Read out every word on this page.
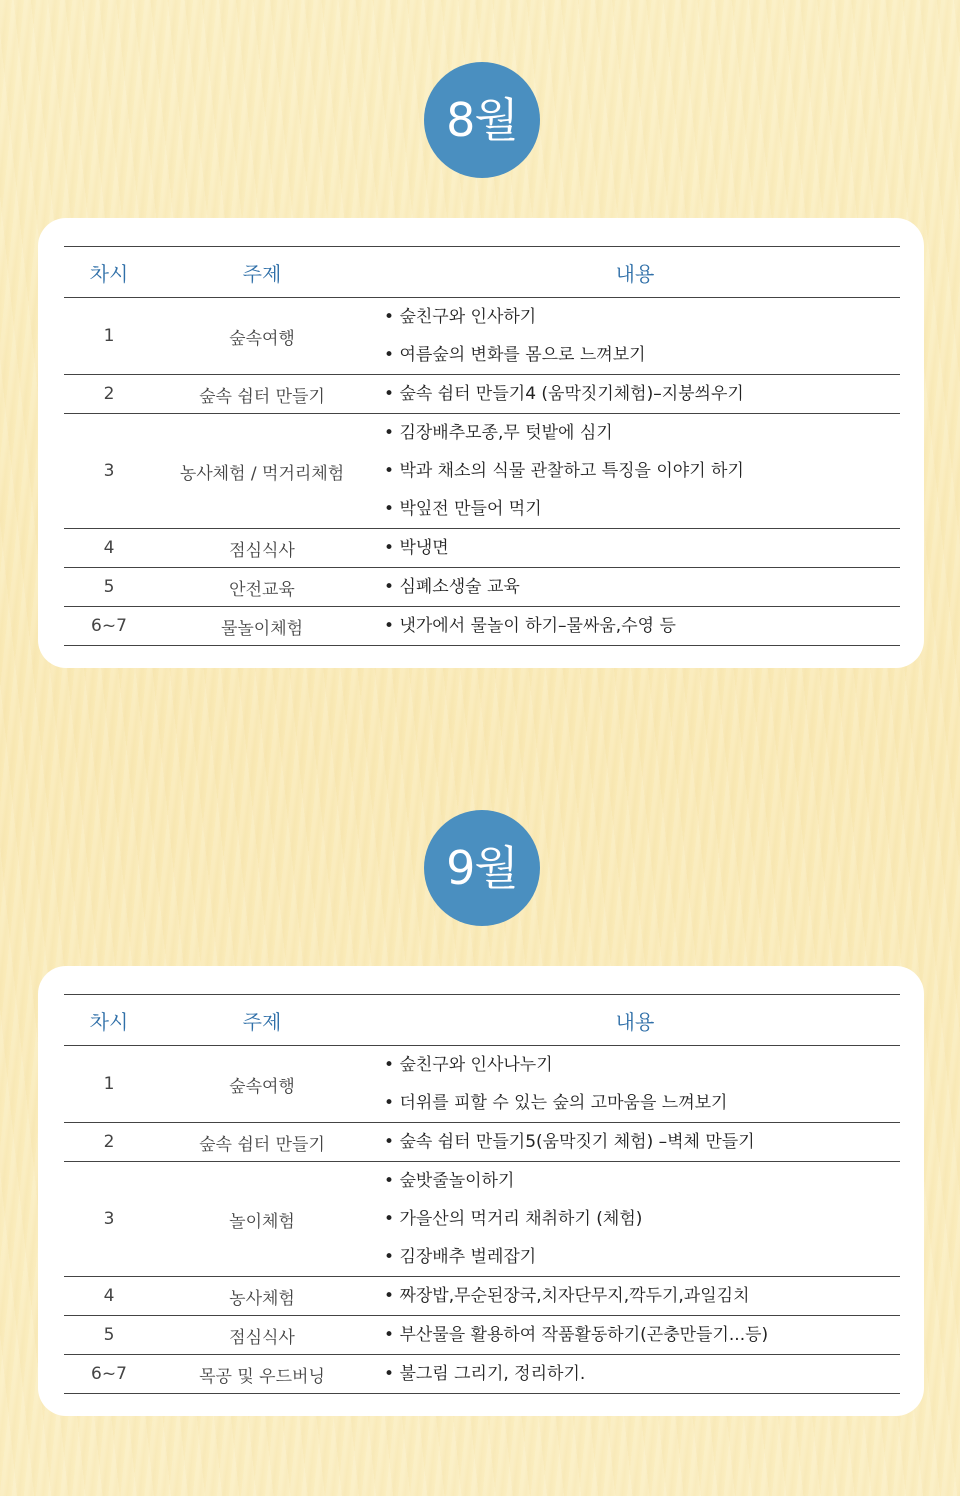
8월
차시	주제	내용
1	숲속여행	• 숲친구와 인사하기
• 여름숲의 변화를 몸으로 느껴보기

2	숲속 쉼터 만들기	• 숲속 쉼터 만들기4 (움막짓기체험)–지붕씌우기

3	농사체험 / 먹거리체험	• 김장배추모종,무 텃밭에 심기
• 박과 채소의 식물 관찰하고 특징을 이야기 하기
• 박잎전 만들어 먹기

4	점심식사	• 박냉면

5	안전교육	• 심폐소생술 교육

6~7	물놀이체험	• 냇가에서 물놀이 하기–물싸움,수영 등
9월
차시	주제	내용
1	숲속여행	• 숲친구와 인사나누기
• 더위를 피할 수 있는 숲의 고마움을 느껴보기

2	숲속 쉼터 만들기	• 숲속 쉼터 만들기5(움막짓기 체험) –벽체 만들기

3	놀이체험	• 숲밧줄놀이하기
• 가을산의 먹거리 채취하기 (체험)
• 김장배추 벌레잡기

4	농사체험	• 짜장밥,무순된장국,치자단무지,깍두기,과일김치

5	점심식사	• 부산물을 활용하여 작품활동하기(곤충만들기...등)

6~7	목공 및 우드버닝	• 불그림 그리기, 정리하기.
